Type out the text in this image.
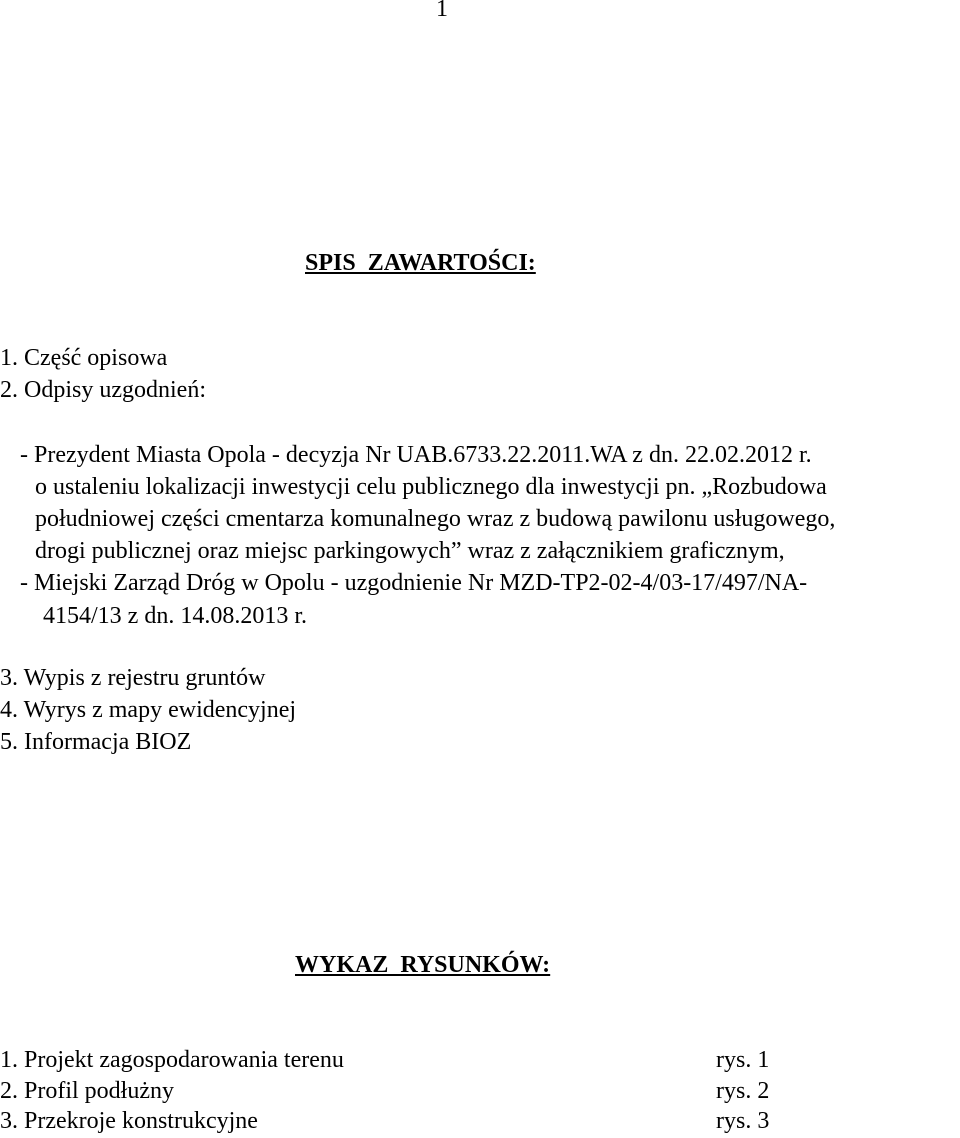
1
SPIS  ZAWARTOŚCI:
1. Część opisowa
2. Odpisy uzgodnień:
- Prezydent Miasta Opola - decyzja Nr UAB.6733.22.2011.WA z dn. 22.02.2012 r.
o ustaleniu lokalizacji inwestycji celu publicznego dla inwestycji pn. „Rozbudowa
południowej części cmentarza komunalnego wraz z budową pawilonu usługowego,
drogi publicznej oraz miejsc parkingowych” wraz z załącznikiem graficznym,
- Miejski Zarząd Dróg w Opolu - uzgodnienie Nr MZD-TP2-02-4/03-17/497/NA-
4154/13 z dn. 14.08.2013 r.
3. Wypis z rejestru gruntów
4. Wyrys z mapy ewidencyjnej
5. Informacja BIOZ
WYKAZ  RYSUNKÓW:
1. Projekt zagospodarowania terenu	rys. 1
2. Profil podłużny	rys. 2
3. Przekroje konstrukcyjne	rys. 3
